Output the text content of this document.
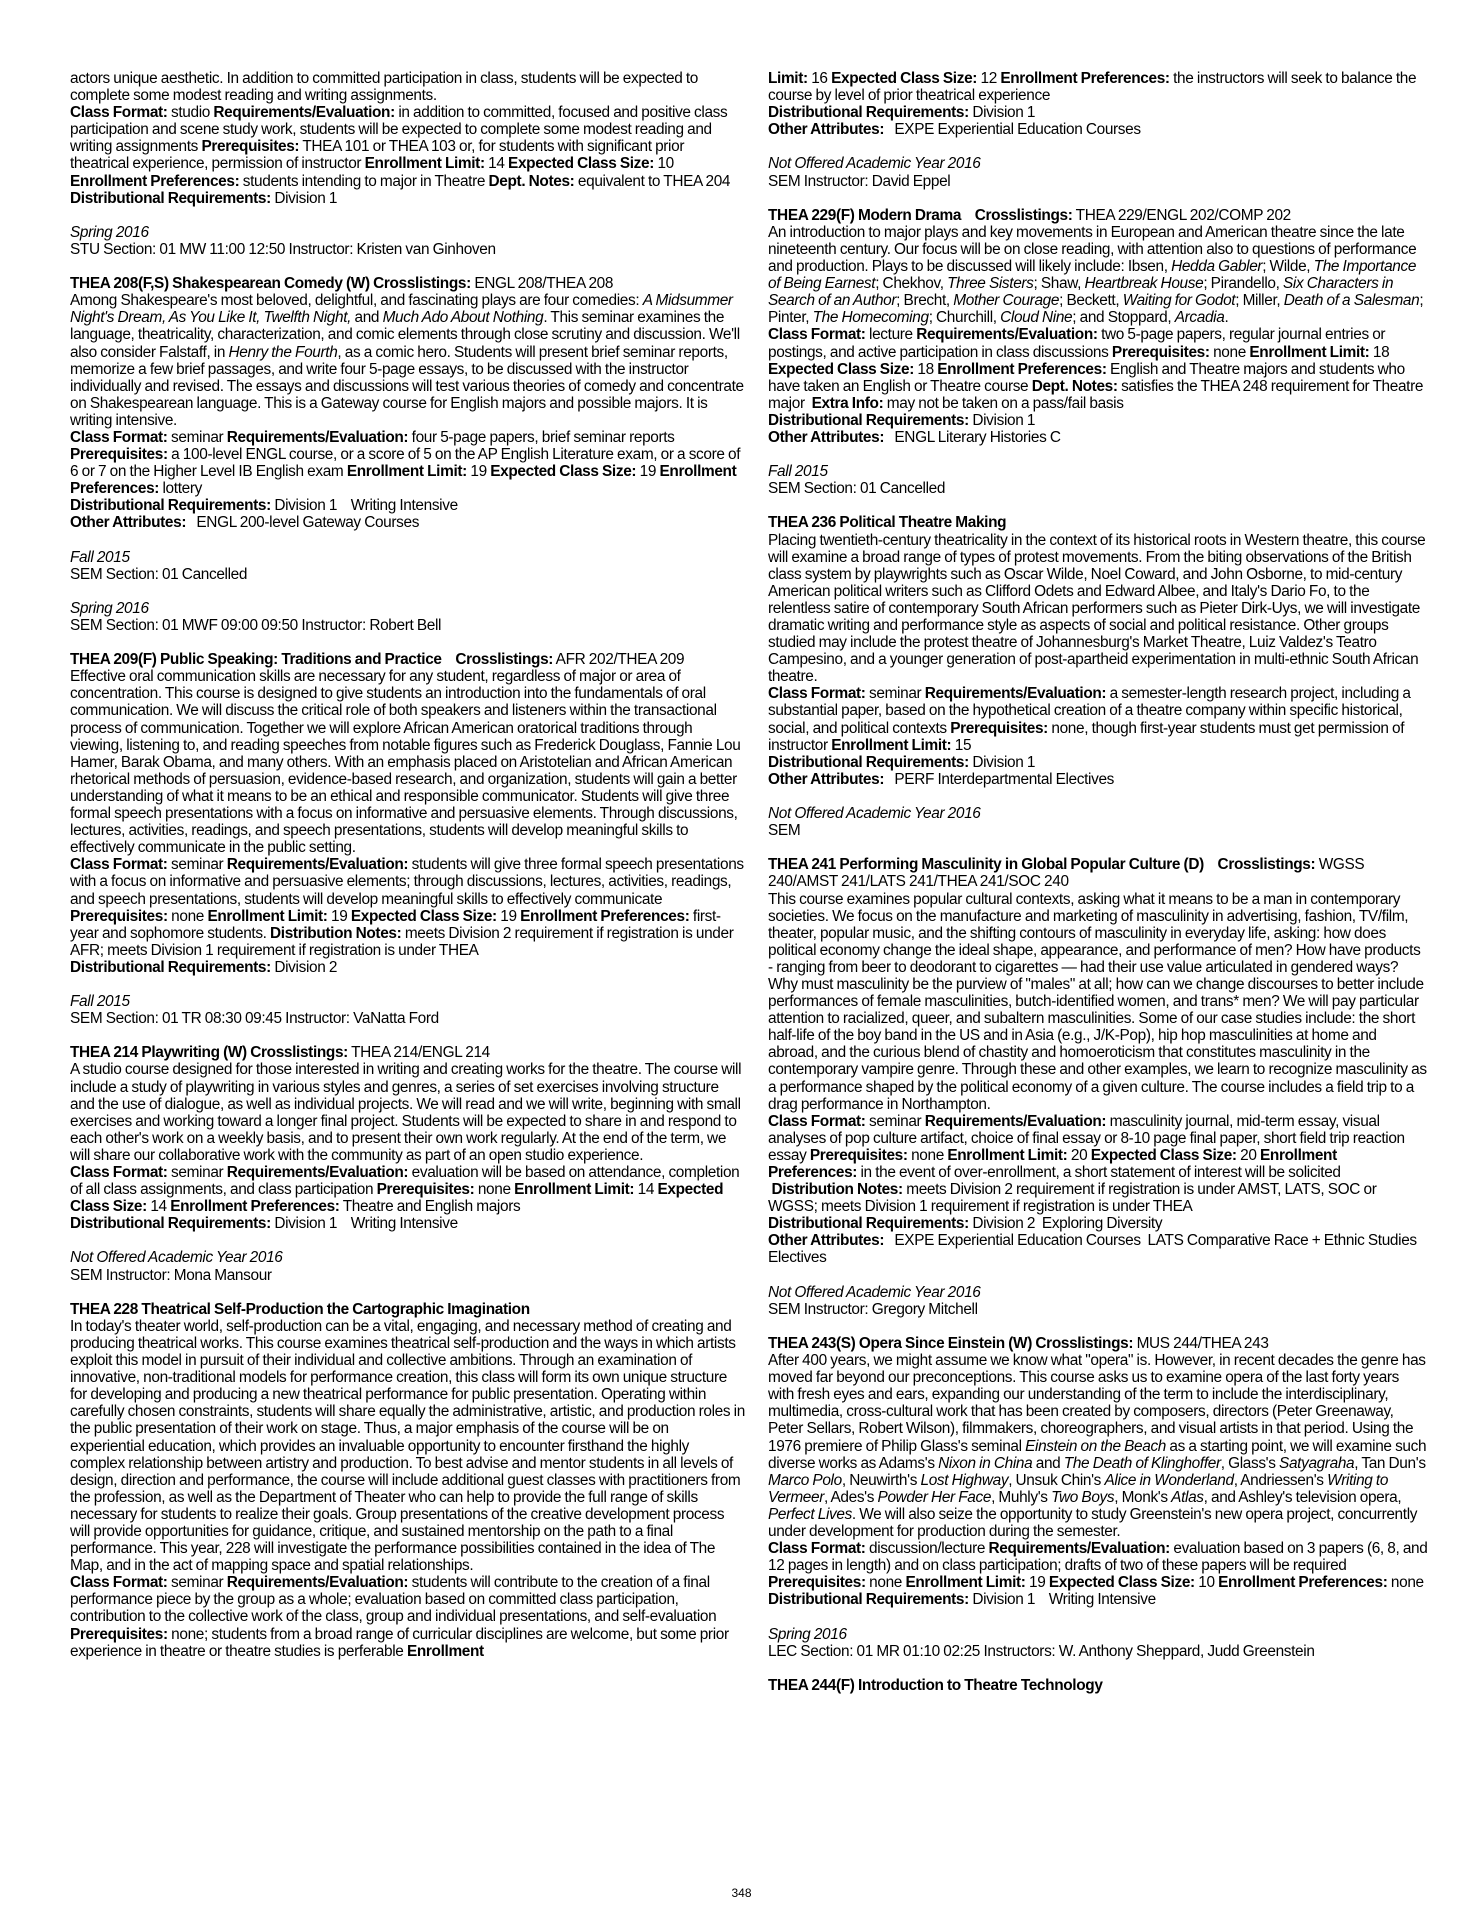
actors unique aesthetic. In addition to committed participation in class, students will be expected to complete some modest reading and writing assignments.

Class Format: studio Requirements/Evaluation: in addition to committed, focused and positive class participation and scene study work, students will be expected to complete some modest reading and writing assignments Prerequisites: THEA 101 or THEA 103 or, for students with significant prior theatrical experience, permission of instructor Enrollment Limit: 14 Expected Class Size: 10 Enrollment Preferences: students intending to major in Theatre Dept. Notes: equivalent to THEA 204

Distributional Requirements: Division 1

Spring 2016

STU Section: 01 MW 11:00 12:50 Instructor: Kristen van Ginhoven

THEA 208(F,S) Shakespearean Comedy (W) Crosslistings: ENGL 208/THEA 208

Among Shakespeare's most beloved, delightful, and fascinating plays are four comedies: A Midsummer Night's Dream, As You Like It, Twelfth Night, and Much Ado About Nothing. This seminar examines the language, theatricality, characterization, and comic elements through close scrutiny and discussion. We'll also consider Falstaff, in Henry the Fourth, as a comic hero. Students will present brief seminar reports, memorize a few brief passages, and write four 5-page essays, to be discussed with the instructor individually and revised. The essays and discussions will test various theories of comedy and concentrate on Shakespearean language. This is a Gateway course for English majors and possible majors. It is writing intensive.

Class Format: seminar Requirements/Evaluation: four 5-page papers, brief seminar reports Prerequisites: a 100-level ENGL course, or a score of 5 on the AP English Literature exam, or a score of 6 or 7 on the Higher Level IB English exam Enrollment Limit: 19 Expected Class Size: 19 Enrollment Preferences: lottery

Distributional Requirements: Division 1    Writing Intensive

Other Attributes:   ENGL 200-level Gateway Courses

Fall 2015

SEM Section: 01 Cancelled

Spring 2016

SEM Section: 01 MWF 09:00 09:50 Instructor: Robert Bell

THEA 209(F) Public Speaking: Traditions and Practice    Crosslistings: AFR 202/THEA 209

Effective oral communication skills are necessary for any student, regardless of major or area of concentration. This course is designed to give students an introduction into the fundamentals of oral communication. We will discuss the critical role of both speakers and listeners within the transactional process of communication. Together we will explore African American oratorical traditions through viewing, listening to, and reading speeches from notable figures such as Frederick Douglass, Fannie Lou Hamer, Barak Obama, and many others. With an emphasis placed on Aristotelian and African American rhetorical methods of persuasion, evidence-based research, and organization, students will gain a better understanding of what it means to be an ethical and responsible communicator. Students will give three formal speech presentations with a focus on informative and persuasive elements. Through discussions, lectures, activities, readings, and speech presentations, students will develop meaningful skills to effectively communicate in the public setting.

Class Format: seminar Requirements/Evaluation: students will give three formal speech presentations with a focus on informative and persuasive elements; through discussions, lectures, activities, readings, and speech presentations, students will develop meaningful skills to effectively communicate Prerequisites: none Enrollment Limit: 19 Expected Class Size: 19 Enrollment Preferences: first-year and sophomore students. Distribution Notes: meets Division 2 requirement if registration is under AFR; meets Division 1 requirement if registration is under THEA

Distributional Requirements: Division 2

Fall 2015

SEM Section: 01 TR 08:30 09:45 Instructor: VaNatta Ford

THEA 214 Playwriting (W) Crosslistings: THEA 214/ENGL 214

A studio course designed for those interested in writing and creating works for the theatre. The course will include a study of playwriting in various styles and genres, a series of set exercises involving structure and the use of dialogue, as well as individual projects. We will read and we will write, beginning with small exercises and working toward a longer final project. Students will be expected to share in and respond to each other's work on a weekly basis, and to present their own work regularly. At the end of the term, we will share our collaborative work with the community as part of an open studio experience.

Class Format: seminar Requirements/Evaluation: evaluation will be based on attendance, completion of all class assignments, and class participation Prerequisites: none Enrollment Limit: 14 Expected Class Size: 14 Enrollment Preferences: Theatre and English majors

Distributional Requirements: Division 1    Writing Intensive

Not Offered Academic Year 2016

SEM Instructor: Mona Mansour

THEA 228 Theatrical Self-Production the Cartographic Imagination

In today's theater world, self-production can be a vital, engaging, and necessary method of creating and producing theatrical works. This course examines theatrical self-production and the ways in which artists exploit this model in pursuit of their individual and collective ambitions. Through an examination of innovative, non-traditional models for performance creation, this class will form its own unique structure for developing and producing a new theatrical performance for public presentation. Operating within carefully chosen constraints, students will share equally the administrative, artistic, and production roles in the public presentation of their work on stage. Thus, a major emphasis of the course will be on experiential education, which provides an invaluable opportunity to encounter firsthand the highly complex relationship between artistry and production. To best advise and mentor students in all levels of design, direction and performance, the course will include additional guest classes with practitioners from the profession, as well as the Department of Theater who can help to provide the full range of skills necessary for students to realize their goals. Group presentations of the creative development process will provide opportunities for guidance, critique, and sustained mentorship on the path to a final performance. This year, 228 will investigate the performance possibilities contained in the idea of The Map, and in the act of mapping space and spatial relationships.

Class Format: seminar Requirements/Evaluation: students will contribute to the creation of a final performance piece by the group as a whole; evaluation based on committed class participation, contribution to the collective work of the class, group and individual presentations, and self-evaluation Prerequisites: none; students from a broad range of curricular disciplines are welcome, but some prior experience in theatre or theatre studies is perferable Enrollment

Limit: 16 Expected Class Size: 12 Enrollment Preferences: the instructors will seek to balance the course by level of prior theatrical experience

Distributional Requirements: Division 1

Other Attributes:   EXPE Experiential Education Courses

Not Offered Academic Year 2016

SEM Instructor: David Eppel

THEA 229(F) Modern Drama    Crosslistings: THEA 229/ENGL 202/COMP 202

An introduction to major plays and key movements in European and American theatre since the late nineteenth century. Our focus will be on close reading, with attention also to questions of performance and production. Plays to be discussed will likely include: Ibsen, Hedda Gabler; Wilde, The Importance of Being Earnest; Chekhov, Three Sisters; Shaw, Heartbreak House; Pirandello, Six Characters in Search of an Author; Brecht, Mother Courage; Beckett, Waiting for Godot; Miller, Death of a Salesman; Pinter, The Homecoming; Churchill, Cloud Nine; and Stoppard, Arcadia.

Class Format: lecture Requirements/Evaluation: two 5-page papers, regular journal entries or postings, and active participation in class discussions Prerequisites: none Enrollment Limit: 18 Expected Class Size: 18 Enrollment Preferences: English and Theatre majors and students who have taken an English or Theatre course Dept. Notes: satisfies the THEA 248 requirement for Theatre major  Extra Info: may not be taken on a pass/fail basis

Distributional Requirements: Division 1

Other Attributes:   ENGL Literary Histories C

Fall 2015

SEM Section: 01 Cancelled

THEA 236 Political Theatre Making

Placing twentieth-century theatricality in the context of its historical roots in Western theatre, this course will examine a broad range of types of protest movements. From the biting observations of the British class system by playwrights such as Oscar Wilde, Noel Coward, and John Osborne, to mid-century American political writers such as Clifford Odets and Edward Albee, and Italy's Dario Fo, to the relentless satire of contemporary South African performers such as Pieter Dirk-Uys, we will investigate dramatic writing and performance style as aspects of social and political resistance. Other groups studied may include the protest theatre of Johannesburg's Market Theatre, Luiz Valdez's Teatro Campesino, and a younger generation of post-apartheid experimentation in multi-ethnic South African theatre.

Class Format: seminar Requirements/Evaluation: a semester-length research project, including a substantial paper, based on the hypothetical creation of a theatre company within specific historical, social, and political contexts Prerequisites: none, though first-year students must get permission of instructor Enrollment Limit: 15

Distributional Requirements: Division 1

Other Attributes:   PERF Interdepartmental Electives

Not Offered Academic Year 2016

SEM

THEA 241 Performing Masculinity in Global Popular Culture (D)    Crosslistings: WGSS 240/AMST 241/LATS 241/THEA 241/SOC 240

This course examines popular cultural contexts, asking what it means to be a man in contemporary societies. We focus on the manufacture and marketing of masculinity in advertising, fashion, TV/film, theater, popular music, and the shifting contours of masculinity in everyday life, asking: how does political economy change the ideal shape, appearance, and performance of men? How have products - ranging from beer to deodorant to cigarettes — had their use value articulated in gendered ways? Why must masculinity be the purview of "males" at all; how can we change discourses to better include performances of female masculinities, butch-identified women, and trans* men? We will pay particular attention to racialized, queer, and subaltern masculinities. Some of our case studies include: the short half-life of the boy band in the US and in Asia (e.g., J/K-Pop), hip hop masculinities at home and abroad, and the curious blend of chastity and homoeroticism that constitutes masculinity in the contemporary vampire genre. Through these and other examples, we learn to recognize masculinity as a performance shaped by the political economy of a given culture. The course includes a field trip to a drag performance in Northampton.

Class Format: seminar Requirements/Evaluation: masculinity journal, mid-term essay, visual analyses of pop culture artifact, choice of final essay or 8-10 page final paper, short field trip reaction essay Prerequisites: none Enrollment Limit: 20 Expected Class Size: 20 Enrollment Preferences: in the event of over-enrollment, a short statement of interest will be solicited  Distribution Notes: meets Division 2 requirement if registration is under AMST, LATS, SOC or WGSS; meets Division 1 requirement if registration is under THEA

Distributional Requirements: Division 2  Exploring Diversity

Other Attributes:   EXPE Experiential Education Courses  LATS Comparative Race + Ethnic Studies Electives

Not Offered Academic Year 2016

SEM Instructor: Gregory Mitchell

THEA 243(S) Opera Since Einstein (W) Crosslistings: MUS 244/THEA 243

After 400 years, we might assume we know what "opera" is. However, in recent decades the genre has moved far beyond our preconceptions. This course asks us to examine opera of the last forty years with fresh eyes and ears, expanding our understanding of the term to include the interdisciplinary, multimedia, cross-cultural work that has been created by composers, directors (Peter Greenaway, Peter Sellars, Robert Wilson), filmmakers, choreographers, and visual artists in that period. Using the 1976 premiere of Philip Glass's seminal Einstein on the Beach as a starting point, we will examine such diverse works as Adams's Nixon in China and The Death of Klinghoffer, Glass's Satyagraha, Tan Dun's Marco Polo, Neuwirth's Lost Highway, Unsuk Chin's Alice in Wonderland, Andriessen's Writing to Vermeer, Ades's Powder Her Face, Muhly's Two Boys, Monk's Atlas, and Ashley's television opera, Perfect Lives. We will also seize the opportunity to study Greenstein's new opera project, concurrently under development for production during the semester.

Class Format: discussion/lecture Requirements/Evaluation: evaluation based on 3 papers (6, 8, and 12 pages in length) and on class participation; drafts of two of these papers will be required Prerequisites: none Enrollment Limit: 19 Expected Class Size: 10 Enrollment Preferences: none

Distributional Requirements: Division 1    Writing Intensive

Spring 2016

LEC Section: 01 MR 01:10 02:25 Instructors: W. Anthony Sheppard, Judd Greenstein

THEA 244(F) Introduction to Theatre Technology

348
